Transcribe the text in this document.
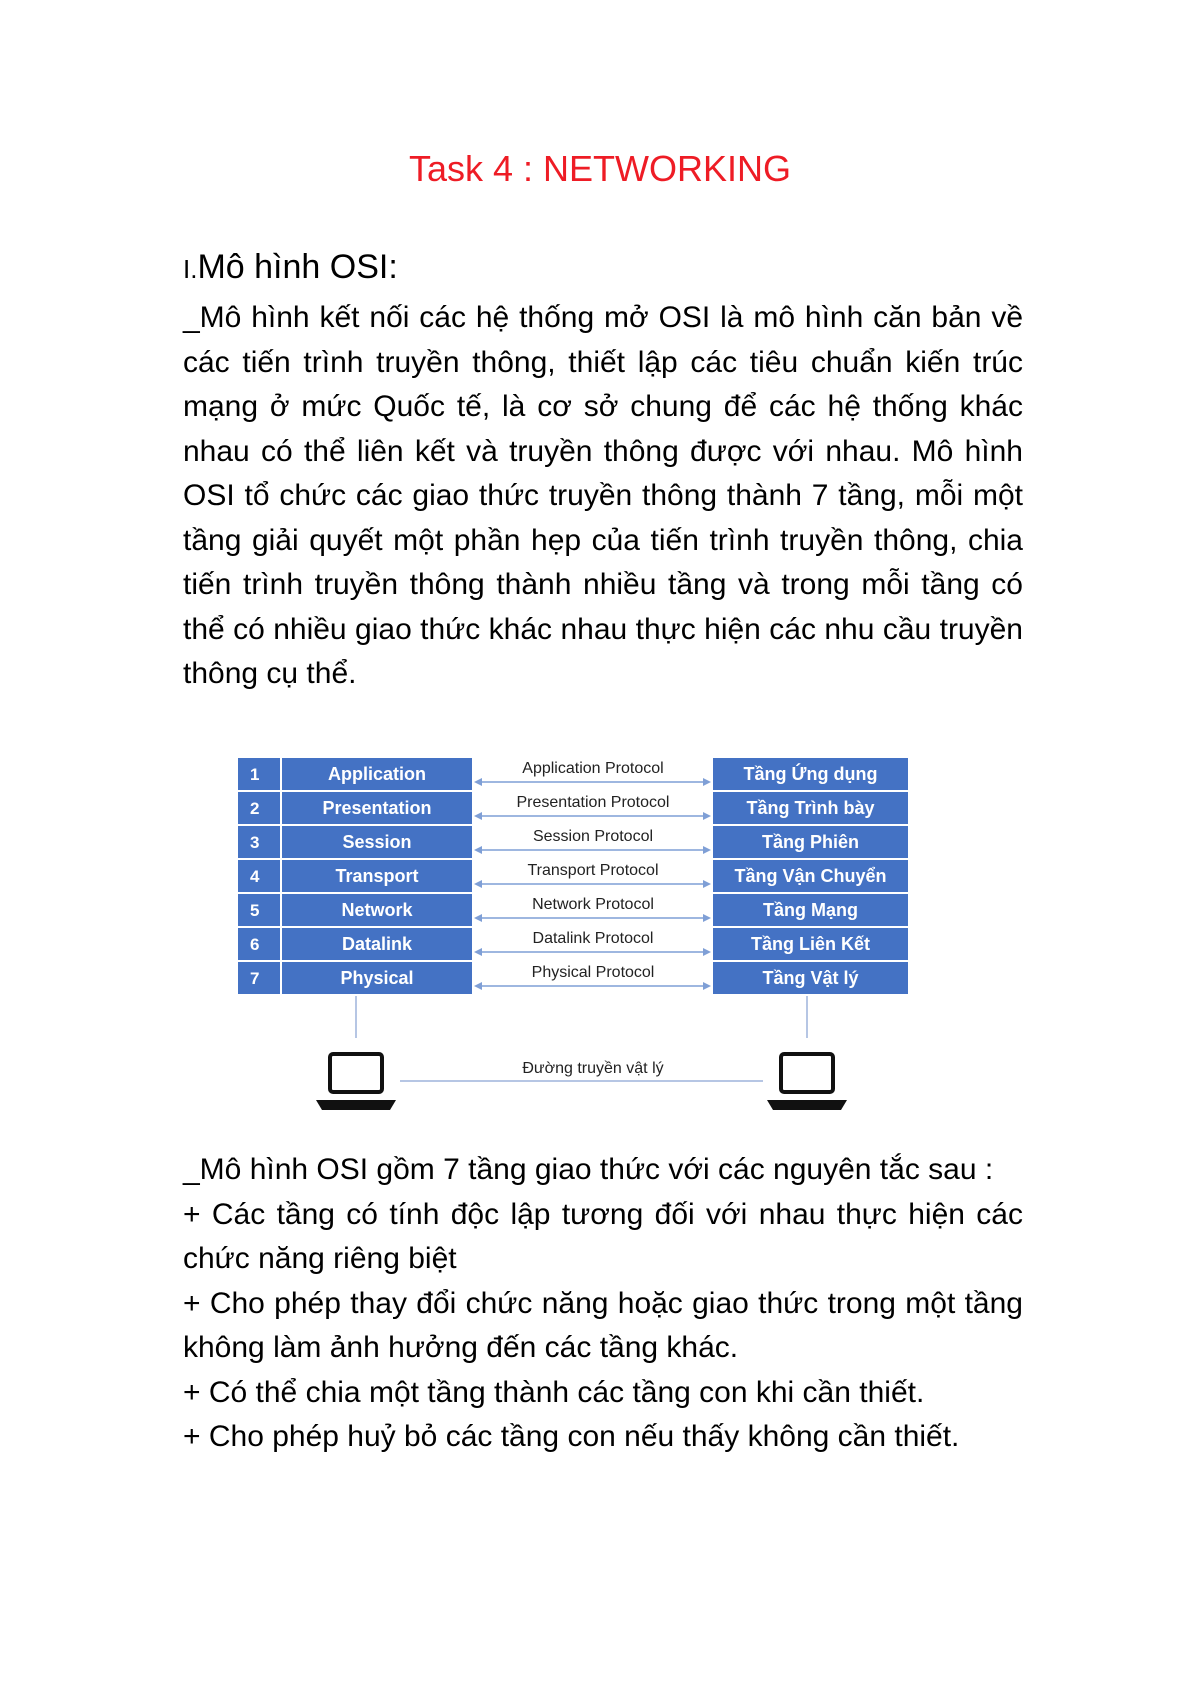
Task 4 : NETWORKING
I.Mô hình OSI:

_Mô hình kết nối các hệ thống mở OSI là mô hình căn bản về các tiến trình truyền thông, thiết lập các tiêu chuẩn kiến trúc mạng ở mức Quốc tế, là cơ sở chung để các hệ thống khác nhau có thể liên kết và truyền thông được với nhau. Mô hình OSI tổ chức các giao thức truyền thông thành 7 tầng, mỗi một tầng giải quyết một phần hẹp của tiến trình truyền thông, chia tiến trình truyền thông thành nhiều tầng và trong mỗi tầng có thể có nhiều giao thức khác nhau thực hiện các nhu cầu truyền thông cụ thể.

1	Application	Tầng Ứng dụng
Application Protocol
2	Presentation	Tầng Trình bày
Presentation Protocol
3	Session	Tầng Phiên
Session Protocol
4	Transport	Tầng Vận Chuyển
Transport Protocol
5	Network	Tầng Mạng
Network Protocol
6	Datalink	Tầng Liên Kết
Datalink Protocol
7	Physical	Tầng Vật lý
Physical Protocol
Đường truyền vật lý

_Mô hình OSI gồm 7 tầng giao thức với các nguyên tắc sau :

+ Các tầng có tính độc lập tương đối với nhau thực hiện các chức năng riêng biệt

+ Cho phép thay đổi chức năng hoặc giao thức trong một tầng không làm ảnh hưởng đến các tầng khác.

+ Có thể chia một tầng thành các tầng con khi cần thiết.

+ Cho phép huỷ bỏ các tầng con nếu thấy không cần thiết.
